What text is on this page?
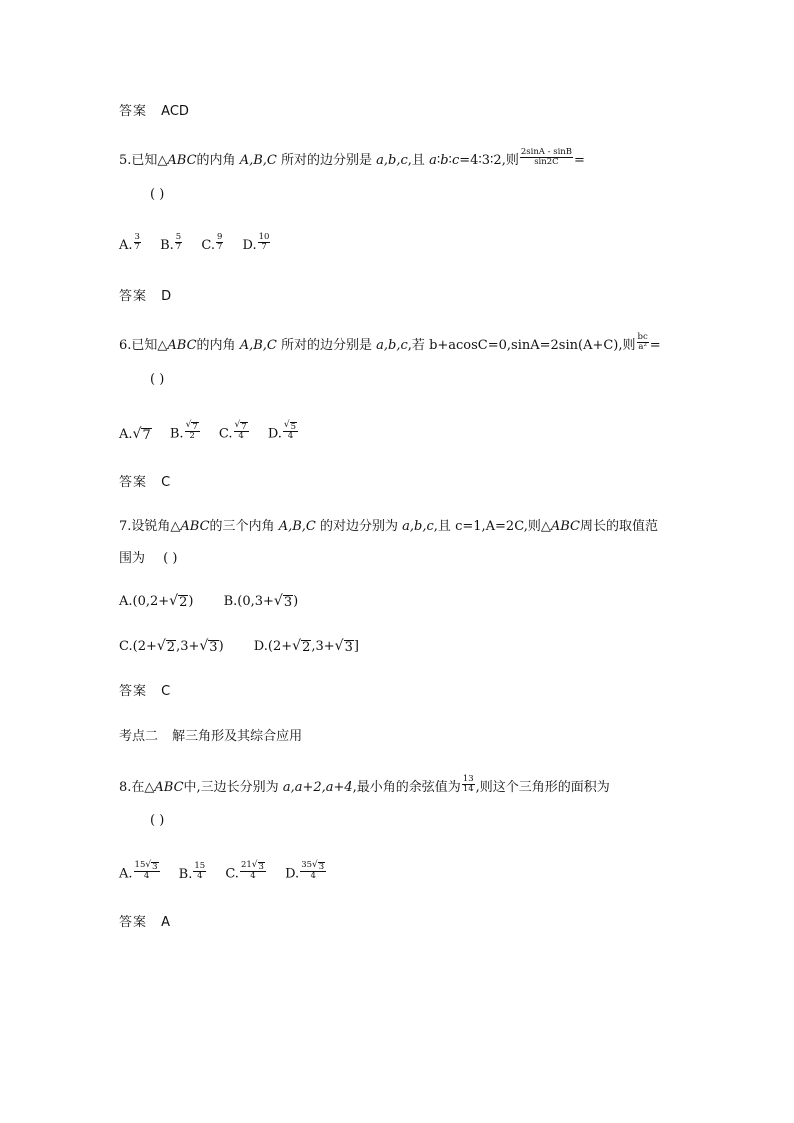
答案 ACD
5.已知△ABC的内角 A,B,C 所对的边分别是 a,b,c,且 a∶b∶c=4∶3∶2,则 $\frac{2\sin A - \sin B}{\sin 2C}$ =
( )
A. $\frac{3}{7} B$. $\frac{5}{7} C$. $\frac{9}{7} D$. $\frac{10}{7}$
答案 D
6.已知△ABC的内角 A,B,C 所对的边分别是 a,b,c,若 b+acosC=0,sinA=2sin(A+C),则 $\frac{bc}{\text{a²}}$ =
( )
A. √ 7 B. $\frac{√ 7}{2} C$. $\frac{√ 7}{4} D$. $\frac{√ 5}{4}$
答案 C
7.设锐角△ABC的三个内角 A,B,C 的对边分别为 a,b,c,且 c=1,A=2C,则△ABC周长的取值范
围为 ( )
A.(0,2+ √ 2 ) B.(0,3+ √ 3 )
C.(2+ √ 2 ,3+ √ 3 ) D.(2+ √ 2 ,3+ √ 3 ]
答案 C
考点二 解三角形及其综合应用
8.在△ABC中,三边长分别为 a,a+2,a+4,最小角的余弦值为 $\frac{13}{14}$ ,则这个三角形的面积为
( )
A. $\frac{15 √ 3}{4} B$. $\frac{15}{4} C$. $\frac{21 √ 3}{4} D$. $\frac{35 √ 3}{4}$
答案 A
